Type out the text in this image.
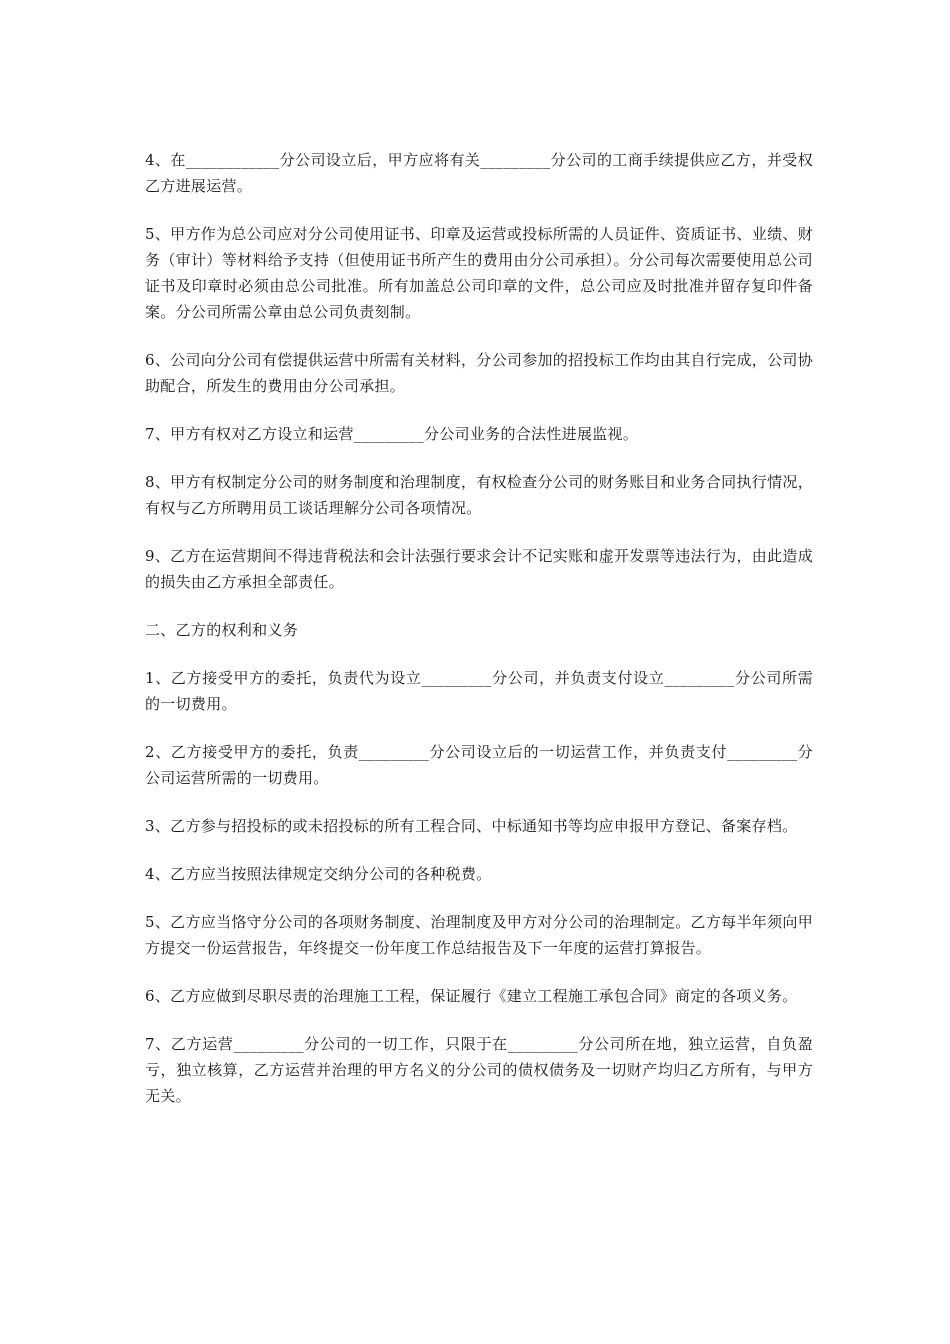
4、在____________分公司设立后，甲方应将有关_________分公司的工商手续提供应乙方，并受权乙方进展运营。

5、甲方作为总公司应对分公司使用证书、印章及运营或投标所需的人员证件、资质证书、业绩、财务（审计）等材料给予支持（但使用证书所产生的费用由分公司承担）。分公司每次需要使用总公司证书及印章时必须由总公司批准。所有加盖总公司印章的文件，总公司应及时批准并留存复印件备案。分公司所需公章由总公司负责刻制。

6、公司向分公司有偿提供运营中所需有关材料，分公司参加的招投标工作均由其自行完成，公司协助配合，所发生的费用由分公司承担。

7、甲方有权对乙方设立和运营_________分公司业务的合法性进展监视。

8、甲方有权制定分公司的财务制度和治理制度，有权检查分公司的财务账目和业务合同执行情况，有权与乙方所聘用员工谈话理解分公司各项情况。

9、乙方在运营期间不得违背税法和会计法强行要求会计不记实账和虚开发票等违法行为，由此造成的损失由乙方承担全部责任。

二、乙方的权利和义务

1、乙方接受甲方的委托，负责代为设立_________分公司，并负责支付设立_________分公司所需的一切费用。

2、乙方接受甲方的委托，负责_________分公司设立后的一切运营工作，并负责支付_________分公司运营所需的一切费用。

3、乙方参与招投标的或未招投标的所有工程合同、中标通知书等均应申报甲方登记、备案存档。

4、乙方应当按照法律规定交纳分公司的各种税费。

5、乙方应当恪守分公司的各项财务制度、治理制度及甲方对分公司的治理制定。乙方每半年须向甲方提交一份运营报告，年终提交一份年度工作总结报告及下一年度的运营打算报告。

6、乙方应做到尽职尽责的治理施工工程，保证履行《建立工程施工承包合同》商定的各项义务。

7、乙方运营_________分公司的一切工作，只限于在_________分公司所在地，独立运营，自负盈亏，独立核算，乙方运营并治理的甲方名义的分公司的债权债务及一切财产均归乙方所有，与甲方无关。
